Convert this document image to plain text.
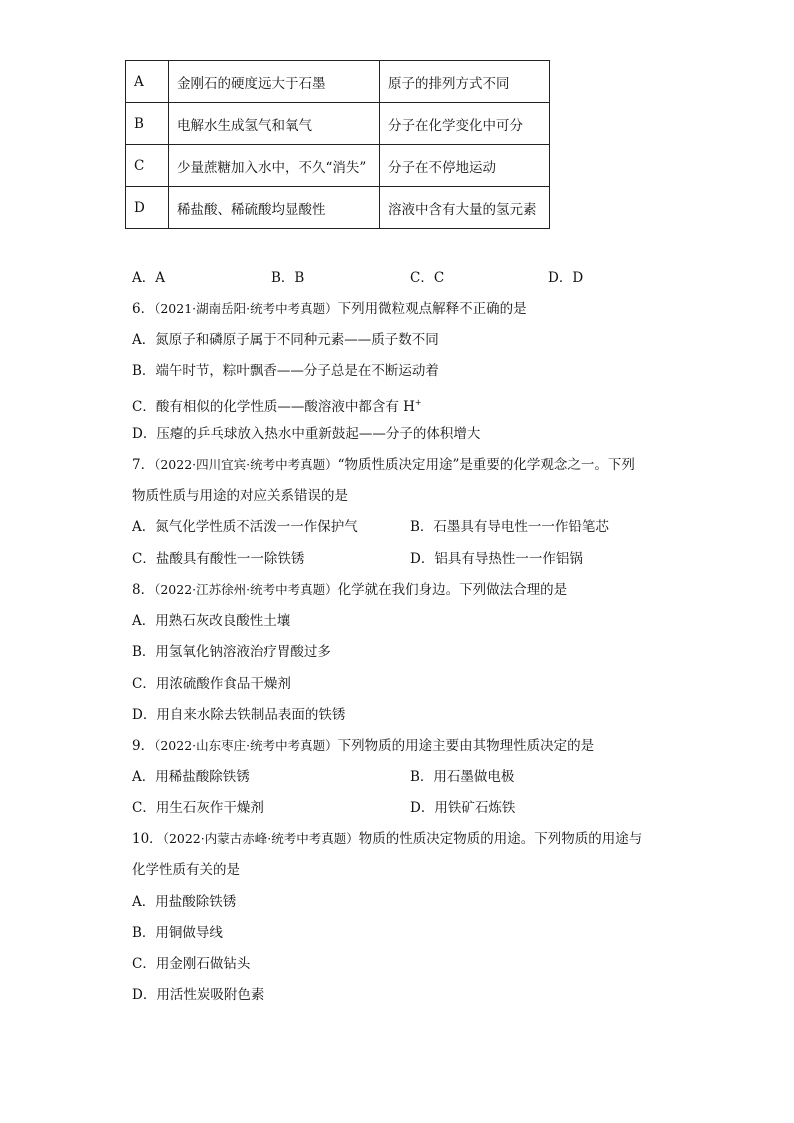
A	金刚石的硬度远大于石墨	原子的排列方式不同
B	电解水生成氢气和氧气	分子在化学变化中可分
C	少量蔗糖加入水中，不久“消失”	分子在不停地运动
D	稀盐酸、稀硫酸均显酸性	溶液中含有大量的氢元素
A．A	B．B	C．C	D．D
6．（2021·湖南岳阳·统考中考真题）下列用微粒观点解释不正确的是
A．氮原子和磷原子属于不同种元素——质子数不同
B．端午时节，粽叶飘香——分子总是在不断运动着
C．酸有相似的化学性质——酸溶液中都含有 H+
D．压瘪的乒乓球放入热水中重新鼓起——分子的体积增大
7．（2022·四川宜宾·统考中考真题）“物质性质决定用途”是重要的化学观念之一。下列
物质性质与用途的对应关系错误的是
A．氮气化学性质不活泼一一作保护气	B．石墨具有导电性一一作铅笔芯
C．盐酸具有酸性一一除铁锈	D．铝具有导热性一一作铝锅
8．（2022·江苏徐州·统考中考真题）化学就在我们身边。下列做法合理的是
A．用熟石灰改良酸性土壤
B．用氢氧化钠溶液治疗胃酸过多
C．用浓硫酸作食品干燥剂
D．用自来水除去铁制品表面的铁锈
9．（2022·山东枣庄·统考中考真题）下列物质的用途主要由其物理性质决定的是
A．用稀盐酸除铁锈	B．用石墨做电极
C．用生石灰作干燥剂	D．用铁矿石炼铁
10．（2022·内蒙古赤峰·统考中考真题）物质的性质决定物质的用途。下列物质的用途与
化学性质有关的是
A．用盐酸除铁锈
B．用铜做导线
C．用金刚石做钻头
D．用活性炭吸附色素
